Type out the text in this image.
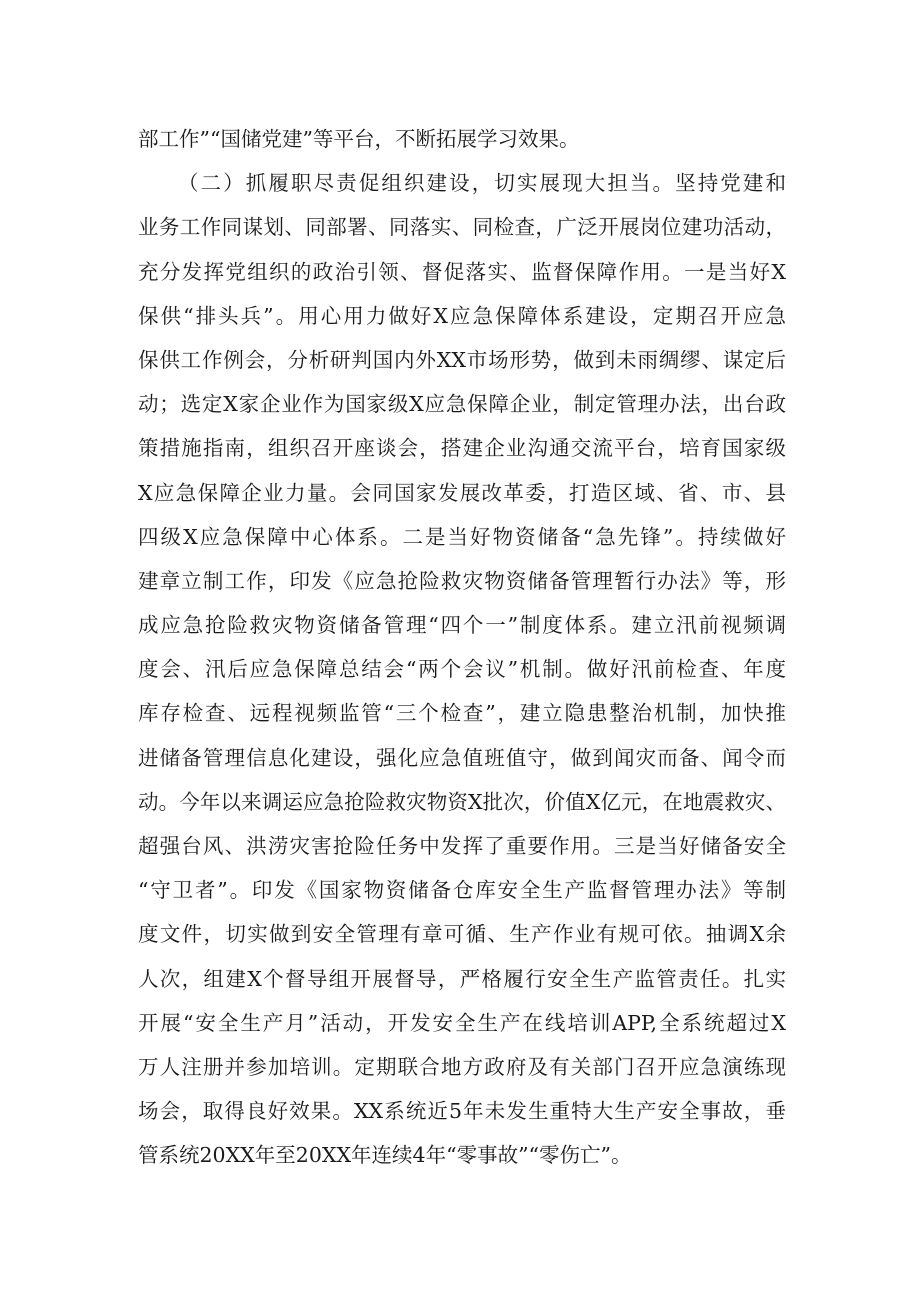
部工作”“国储党建”等平台，不断拓展学习效果。
（二）抓履职尽责促组织建设，切实展现大担当。坚持党建和
业务工作同谋划、同部署、同落实、同检查，广泛开展岗位建功活动，
充分发挥党组织的政治引领、督促落实、监督保障作用。一是当好X
保供“排头兵”。用心用力做好X应急保障体系建设，定期召开应急
保供工作例会，分析研判国内外XX市场形势，做到未雨绸缪、谋定后
动；选定X家企业作为国家级X应急保障企业，制定管理办法，出台政
策措施指南，组织召开座谈会，搭建企业沟通交流平台，培育国家级
X应急保障企业力量。会同国家发展改革委，打造区域、省、市、县
四级X应急保障中心体系。二是当好物资储备“急先锋”。持续做好
建章立制工作，印发《应急抢险救灾物资储备管理暂行办法》等，形
成应急抢险救灾物资储备管理“四个一”制度体系。建立汛前视频调
度会、汛后应急保障总结会“两个会议”机制。做好汛前检查、年度
库存检查、远程视频监管“三个检查”，建立隐患整治机制，加快推
进储备管理信息化建设，强化应急值班值守，做到闻灾而备、闻令而
动。今年以来调运应急抢险救灾物资X批次，价值X亿元，在地震救灾、
超强台风、洪涝灾害抢险任务中发挥了重要作用。三是当好储备安全
“守卫者”。印发《国家物资储备仓库安全生产监督管理办法》等制
度文件，切实做到安全管理有章可循、生产作业有规可依。抽调X余
人次，组建X个督导组开展督导，严格履行安全生产监管责任。扎实
开展“安全生产月”活动，开发安全生产在线培训APP,全系统超过X
万人注册并参加培训。定期联合地方政府及有关部门召开应急演练现
场会，取得良好效果。XX系统近5年未发生重特大生产安全事故，垂
管系统20XX年至20XX年连续4年“零事故”“零伤亡”。
